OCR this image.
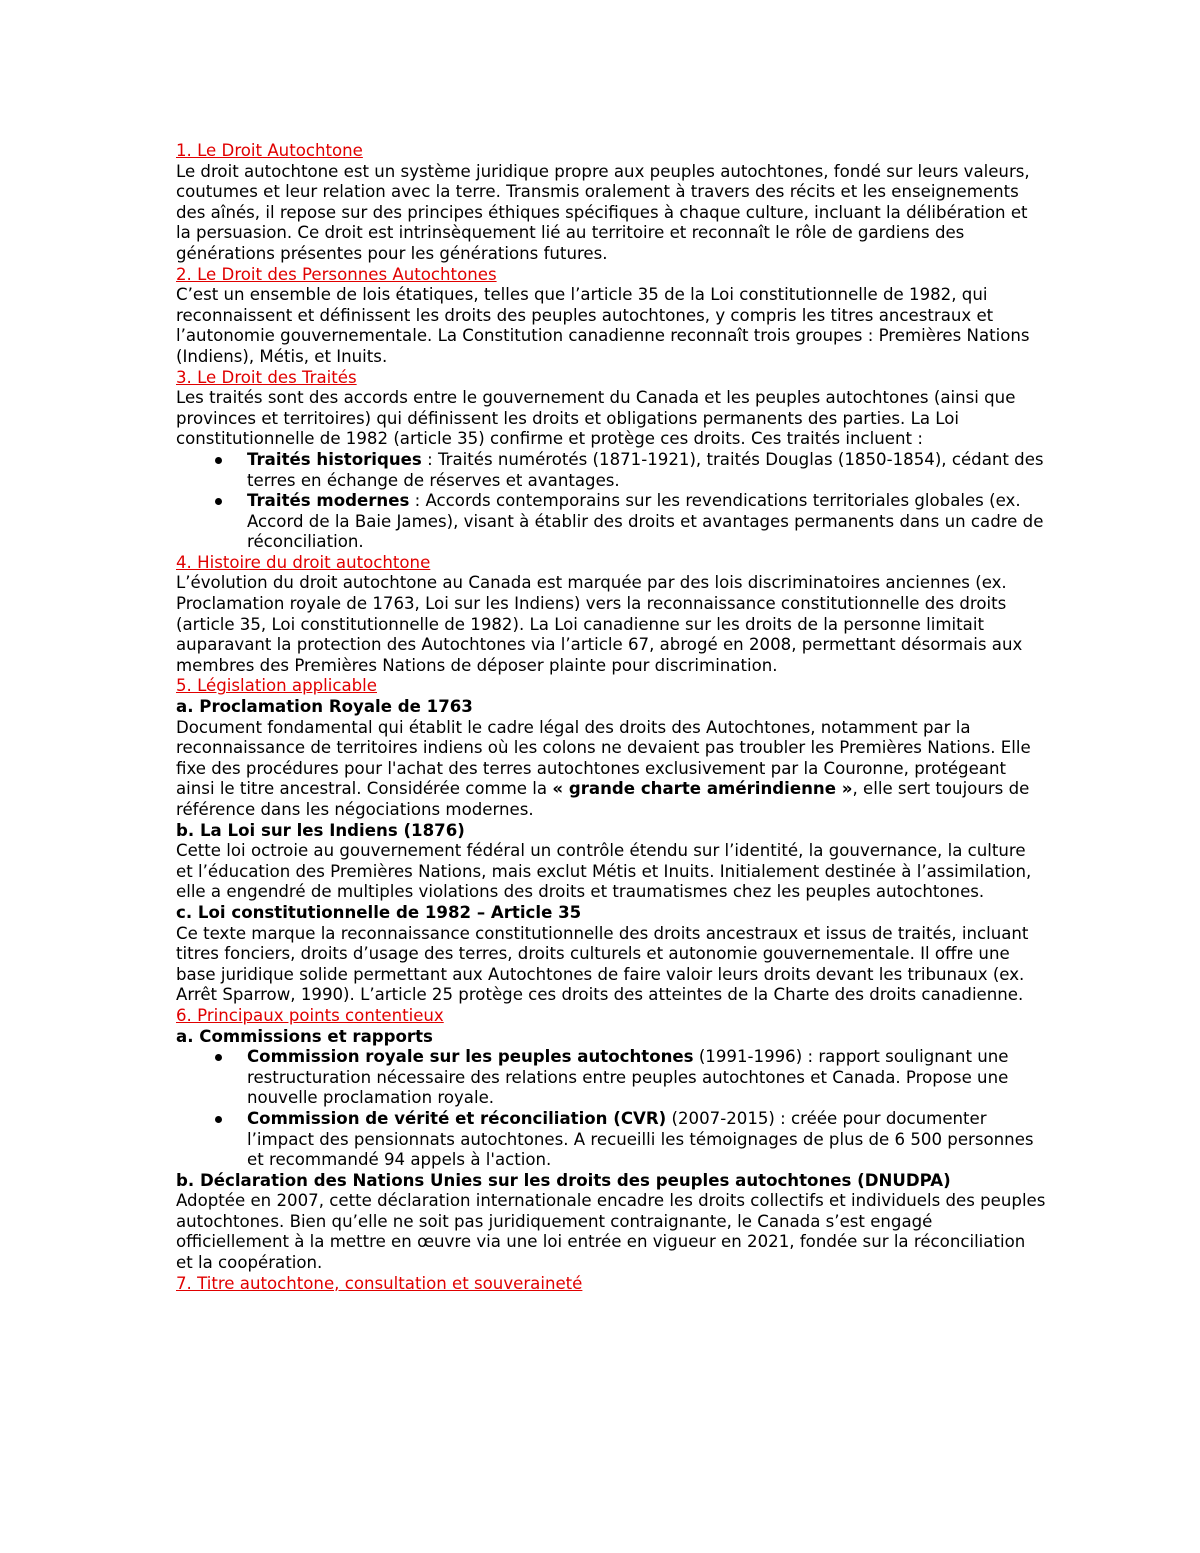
1. Le Droit Autochtone

Le droit autochtone est un système juridique propre aux peuples autochtones, fondé sur leurs valeurs, coutumes et leur relation avec la terre. Transmis oralement à travers des récits et les enseignements des aînés, il repose sur des principes éthiques spécifiques à chaque culture, incluant la délibération et la persuasion. Ce droit est intrinsèquement lié au territoire et reconnaît le rôle de gardiens des générations présentes pour les générations futures.

2. Le Droit des Personnes Autochtones

C’est un ensemble de lois étatiques, telles que l’article 35 de la Loi constitutionnelle de 1982, qui reconnaissent et définissent les droits des peuples autochtones, y compris les titres ancestraux et l’autonomie gouvernementale. La Constitution canadienne reconnaît trois groupes : Premières Nations (Indiens), Métis, et Inuits.

3. Le Droit des Traités

Les traités sont des accords entre le gouvernement du Canada et les peuples autochtones (ainsi que provinces et territoires) qui définissent les droits et obligations permanents des parties. La Loi constitutionnelle de 1982 (article 35) confirme et protège ces droits. Ces traités incluent :

Traités historiques : Traités numérotés (1871-1921), traités Douglas (1850-1854), cédant des terres en échange de réserves et avantages.
Traités modernes : Accords contemporains sur les revendications territoriales globales (ex. Accord de la Baie James), visant à établir des droits et avantages permanents dans un cadre de réconciliation.

4. Histoire du droit autochtone

L’évolution du droit autochtone au Canada est marquée par des lois discriminatoires anciennes (ex. Proclamation royale de 1763, Loi sur les Indiens) vers la reconnaissance constitutionnelle des droits (article 35, Loi constitutionnelle de 1982). La Loi canadienne sur les droits de la personne limitait auparavant la protection des Autochtones via l’article 67, abrogé en 2008, permettant désormais aux membres des Premières Nations de déposer plainte pour discrimination.

5. Législation applicable

a. Proclamation Royale de 1763

Document fondamental qui établit le cadre légal des droits des Autochtones, notamment par la reconnaissance de territoires indiens où les colons ne devaient pas troubler les Premières Nations. Elle fixe des procédures pour l'achat des terres autochtones exclusivement par la Couronne, protégeant ainsi le titre ancestral. Considérée comme la « grande charte amérindienne », elle sert toujours de référence dans les négociations modernes.

b. La Loi sur les Indiens (1876)

Cette loi octroie au gouvernement fédéral un contrôle étendu sur l’identité, la gouvernance, la culture et l’éducation des Premières Nations, mais exclut Métis et Inuits. Initialement destinée à l’assimilation, elle a engendré de multiples violations des droits et traumatismes chez les peuples autochtones.

c. Loi constitutionnelle de 1982 – Article 35

Ce texte marque la reconnaissance constitutionnelle des droits ancestraux et issus de traités, incluant titres fonciers, droits d’usage des terres, droits culturels et autonomie gouvernementale. Il offre une base juridique solide permettant aux Autochtones de faire valoir leurs droits devant les tribunaux (ex. Arrêt Sparrow, 1990). L’article 25 protège ces droits des atteintes de la Charte des droits canadienne.

6. Principaux points contentieux

a. Commissions et rapports

Commission royale sur les peuples autochtones (1991-1996) : rapport soulignant une restructuration nécessaire des relations entre peuples autochtones et Canada. Propose une nouvelle proclamation royale.
Commission de vérité et réconciliation (CVR) (2007-2015) : créée pour documenter l’impact des pensionnats autochtones. A recueilli les témoignages de plus de 6 500 personnes et recommandé 94 appels à l'action.

b. Déclaration des Nations Unies sur les droits des peuples autochtones (DNUDPA)

Adoptée en 2007, cette déclaration internationale encadre les droits collectifs et individuels des peuples autochtones. Bien qu’elle ne soit pas juridiquement contraignante, le Canada s’est engagé officiellement à la mettre en œuvre via une loi entrée en vigueur en 2021, fondée sur la réconciliation et la coopération.

7. Titre autochtone, consultation et souveraineté
